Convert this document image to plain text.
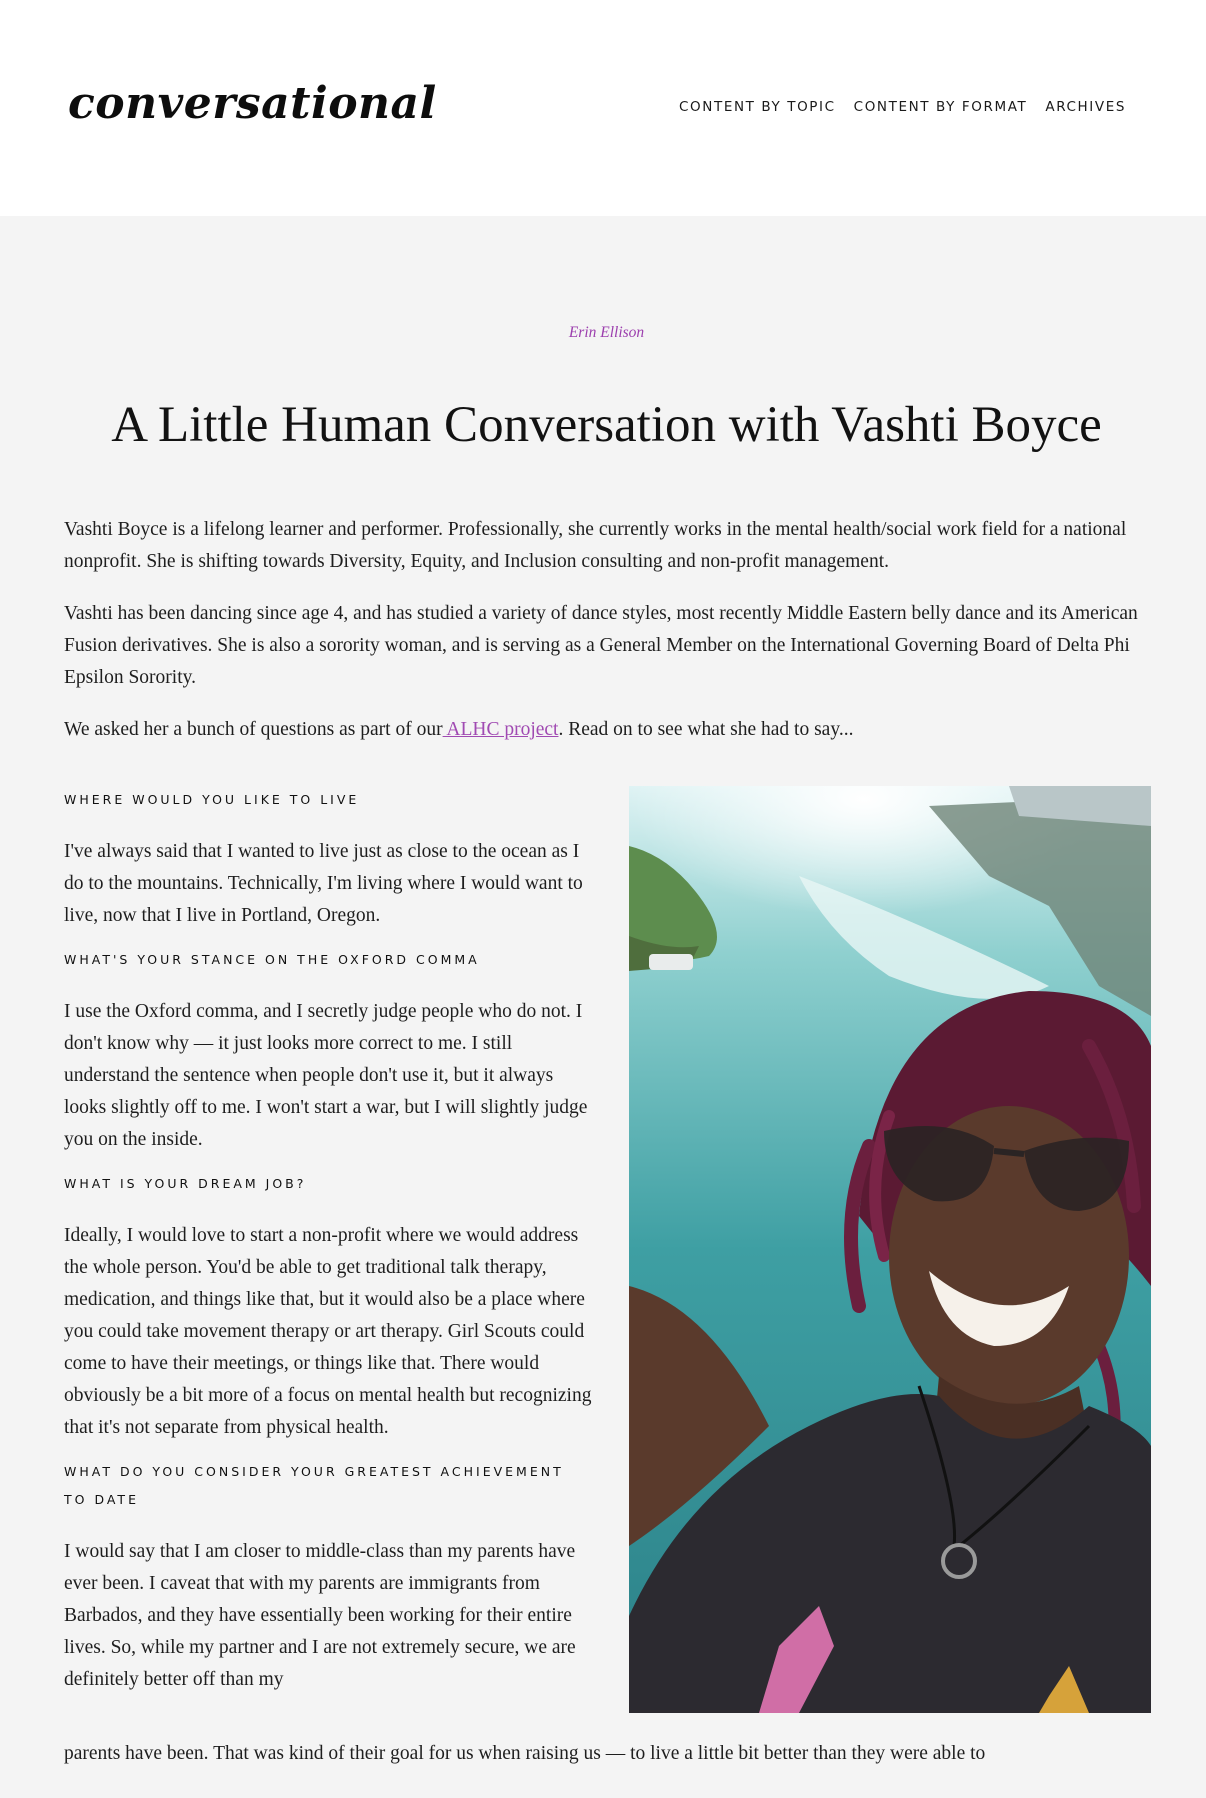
conversational	CONTENT BY TOPIC CONTENT BY FORMAT ARCHIVES
Erin Ellison
A Little Human Conversation with Vashti Boyce

Vashti Boyce is a lifelong learner and performer. Professionally, she currently works in the mental health/social work field for a national nonprofit. She is shifting towards Diversity, Equity, and Inclusion consulting and non-profit management.

Vashti has been dancing since age 4, and has studied a variety of dance styles, most recently Middle Eastern belly dance and its American Fusion derivatives. She is also a sorority woman, and is serving as a General Member on the International Governing Board of Delta Phi Epsilon Sorority.

We asked her a bunch of questions as part of our ALHC project. Read on to see what she had to say...

WHERE WOULD YOU LIKE TO LIVE

I've always said that I wanted to live just as close to the ocean as I do to the mountains. Technically, I'm living where I would want to live, now that I live in Portland, Oregon.

WHAT'S YOUR STANCE ON THE OXFORD COMMA

I use the Oxford comma, and I secretly judge people who do not. I don't know why — it just looks more correct to me. I still understand the sentence when people don't use it, but it always looks slightly off to me. I won't start a war, but I will slightly judge you on the inside.

WHAT IS YOUR DREAM JOB?

Ideally, I would love to start a non-profit where we would address the whole person. You'd be able to get traditional talk therapy, medication, and things like that, but it would also be a place where you could take movement therapy or art therapy. Girl Scouts could come to have their meetings, or things like that. There would obviously be a bit more of a focus on mental health but recognizing that it's not separate from physical health.

WHAT DO YOU CONSIDER YOUR GREATEST ACHIEVEMENT TO DATE

I would say that I am closer to middle-class than my parents have ever been. I caveat that with my parents are immigrants from Barbados, and they have essentially been working for their entire lives. So, while my partner and I are not extremely secure, we are definitely better off than my

parents have been. That was kind of their goal for us when raising us — to live a little bit better than they were able to
